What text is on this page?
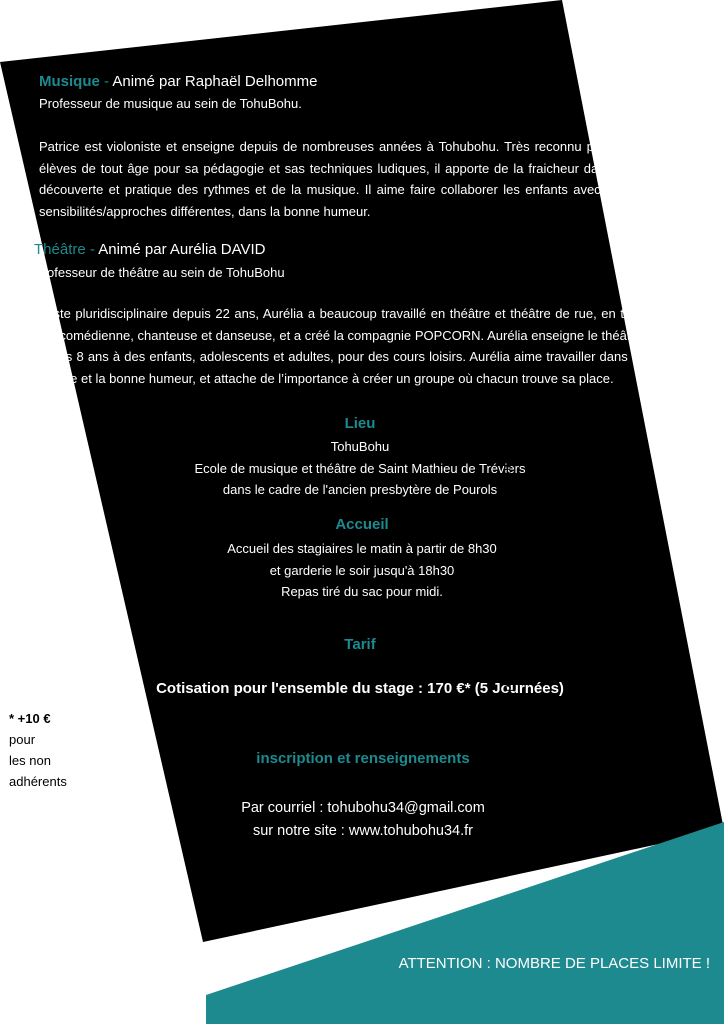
Musique - Animé par Raphaël Delhomme
Professeur de musique au sein de TohuBohu.
Patrice est violoniste et enseigne depuis de nombreuses années à Tohubohu. Très reconnu par les élèves de tout âge pour sa pédagogie et sas techniques ludiques, il apporte de la fraicheur dans la découverte et pratique des rythmes et de la musique. Il aime faire collaborer les enfants avec des sensibilités/approches différentes, dans la bonne humeur.
Théâtre - Animé par Aurélia DAVID
Professeur de théâtre au sein de TohuBohu
Artiste pluridisciplinaire depuis 22 ans, Aurélia a beaucoup travaillé en théâtre et théâtre de rue, en tant que comédienne, chanteuse et danseuse, et a créé la compagnie POPCORN. Aurélia enseigne le théâtre depuis 8 ans à des enfants, adolescents et adultes, pour des cours loisirs. Aurélia aime travailler dans la détente et la bonne humeur, et attache de l’importance à créer un groupe où chacun trouve sa place.
Lieu
TohuBohu
Ecole de musique et théâtre de Saint Mathieu de Tréviers
dans le cadre de l'ancien presbytère de Pourols
Accueil
Accueil des stagiaires le matin à partir de 8h30
et garderie le soir jusqu'à 18h30
Repas tiré du sac pour midi.
Tarif
Cotisation pour l'ensemble du stage : 170 €* (5 Journées)
* +10 €
pour
les non
adhérents
inscription et renseignements
Par courriel : tohubohu34@gmail.com
sur notre site : www.tohubohu34.fr
imprimé par nos soins - Ne pas jeter sur la voie publique.
ATTENTION : NOMBRE DE PLACES LIMITE !
